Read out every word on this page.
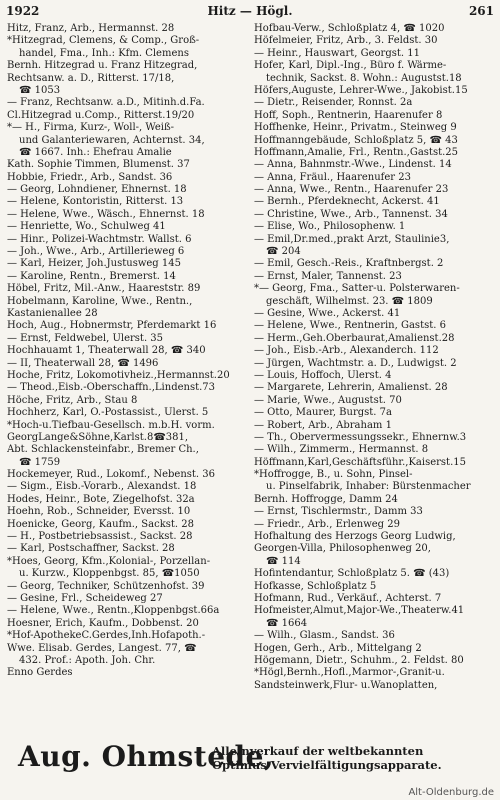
1922	Hitz — Högl.	261
Hitz, Franz, Arb., Hermannst. 28
*Hitzegrad, Clemens, & Comp., Groß-
handel, Fma., Inh.: Kfm. Clemens
Bernh. Hitzegrad u. Franz Hitzegrad,
Rechtsanw. a. D., Ritterst. 17/18,
☎ 1053
— Franz, Rechtsanw. a.D., Mitinh.d.Fa.
Cl.Hitzegrad u.Comp., Ritterst.19/20
*— H., Firma, Kurz-, Woll-, Weiß-
und Galanteriewaren, Achternst. 34,
☎ 1667. Inh.: Ehefrau Amalie
Kath. Sophie Timmen, Blumenst. 37
Hobbie, Friedr., Arb., Sandst. 36
— Georg, Lohndiener, Ehnernst. 18
— Helene, Kontoristin, Ritterst. 13
— Helene, Wwe., Wäsch., Ehnernst. 18
— Henriette, Wo., Schulweg 41
— Hinr., Polizei-Wachtmstr. Wallst. 6
— Joh., Wwe., Arb., Artillerieweg 6
— Karl, Heizer, Joh.Justusweg 145
— Karoline, Rentn., Bremerst. 14
Höbel, Fritz, Mil.-Anw., Haareststr. 89
Hobelmann, Karoline, Wwe., Rentn.,
Kastanienallee 28
Hoch, Aug., Hobnermstr, Pferdemarkt 16
— Ernst, Feldwebel, Ulerst. 35
Hochhauamt 1, Theaterwall 28, ☎ 340
— II, Theaterwall 28, ☎ 1496
Hoche, Fritz, Lokomotivheiz.,Hermannst.20
— Theod.,Eisb.-Oberschaffn.,Lindenst.73
Höche, Fritz, Arb., Stau 8
Hochherz, Karl, O.-Postassist., Ulerst. 5
*Hoch-u.Tiefbau-Gesellsch. m.b.H. vorm.
GeorgLange&Söhne,Karlst.8☎381,
Abt. Schlackensteinfabr., Bremer Ch.,
☎ 1759
Hockemeyer, Rud., Lokomf., Nebenst. 36
— Sigm., Eisb.-Vorarb., Alexandst. 18
Hodes, Heinr., Bote, Ziegelhofst. 32a
Hoehn, Rob., Schneider, Eversst. 10
Hoenicke, Georg, Kaufm., Sackst. 28
— H., Postbetriebsassist., Sackst. 28
— Karl, Postschaffner, Sackst. 28
*Hoes, Georg, Kfm.,Kolonial-, Porzellan-
u. Kurzw., Kloppenbgst. 85, ☎1050
— Georg, Techniker, Schützenhofst. 39
— Gesine, Frl., Scheideweg 27
— Helene, Wwe., Rentn.,Kloppenbgst.66a
Hoesner, Erich, Kaufm., Dobbenst. 20
*Hof-ApothekeC.Gerdes,Inh.Hofapoth.-
Wwe. Elisab. Gerdes, Langest. 77, ☎
432. Prof.: Apoth. Joh. Chr.
Enno Gerdes
Hofbau-Verw., Schloßplatz 4, ☎ 1020
Höfelmeier, Fritz, Arb., 3. Feldst. 30
— Heinr., Hauswart, Georgst. 11
Hofer, Karl, Dipl.-Ing., Büro f. Wärme-
technik, Sackst. 8. Wohn.: Augustst.18
Höfers,Auguste, Lehrer-Wwe., Jakobist.15
— Dietr., Reisender, Ronnst. 2a
Hoff, Soph., Rentnerin, Haarenufer 8
Hoffhenke, Heinr., Privatm., Steinweg 9
Hoffmanngebäude, Schloßplatz 5, ☎ 43
Hoffmann,Amalie, Frl., Rentn.,Gastst.25
— Anna, Bahnmstr.-Wwe., Lindenst. 14
— Anna, Fräul., Haarenufer 23
— Anna, Wwe., Rentn., Haarenufer 23
— Bernh., Pferdeknecht, Ackerst. 41
— Christine, Wwe., Arb., Tannenst. 34
— Elise, Wo., Philosophenw. 1
— Emil,Dr.med.,prakt Arzt, Staulinie3,
☎ 204
— Emil, Gesch.-Reis., Kraftnbergst. 2
— Ernst, Maler, Tannenst. 23
*— Georg, Fma., Satter-u. Polsterwaren-
geschäft, Wilhelmst. 23. ☎ 1809
— Gesine, Wwe., Ackerst. 41
— Helene, Wwe., Rentnerin, Gastst. 6
— Herm.,Geh.Oberbaurat,Amalienst.28
— Joh., Eisb.-Arb., Alexanderch. 112
— Jürgen, Wachtmstr. a. D., Ludwigst. 2
— Louis, Hoffoch, Ulerst. 4
— Margarete, Lehrerin, Amalienst. 28
— Marie, Wwe., Augustst. 70
— Otto, Maurer, Burgst. 7a
— Robert, Arb., Abraham 1
— Th., Obervermessungssekr., Ehnernw.3
— Wilh., Zimmerm., Hermannst. 8
Höffmann,Karl,Geschäftsführ.,Kaiserst.15
*Hoffrogge, B., u. Sohn, Pinsel-
u. Pinselfabrik, Inhaber: Bürstenmacher
Bernh. Hoffrogge, Damm 24
— Ernst, Tischlermstr., Damm 33
— Friedr., Arb., Erlenweg 29
Hofhaltung des Herzogs Georg Ludwig,
Georgen-Villa, Philosophenweg 20,
☎ 114
Hofintendantur, Schloßplatz 5. ☎ (43)
Hofkasse, Schloßplatz 5
Hofmann, Rud., Verkäuf., Achterst. 7
Hofmeister,Almut,Major-We.,Theaterw.41
☎ 1664
— Wilh., Glasm., Sandst. 36
Hogen, Gerh., Arb., Mittelgang 2
Högemann, Dietr., Schuhm., 2. Feldst. 80
*Högl,Bernh.,Hofl.,Marmor-,Granit-u.
Sandsteinwerk,Flur- u.Wanoplatten,
Aug. Ohmstede,
Alleinverkauf der weltbekannten
Optimus Vervielfältigungsapparate.
Alt-Oldenburg.de
